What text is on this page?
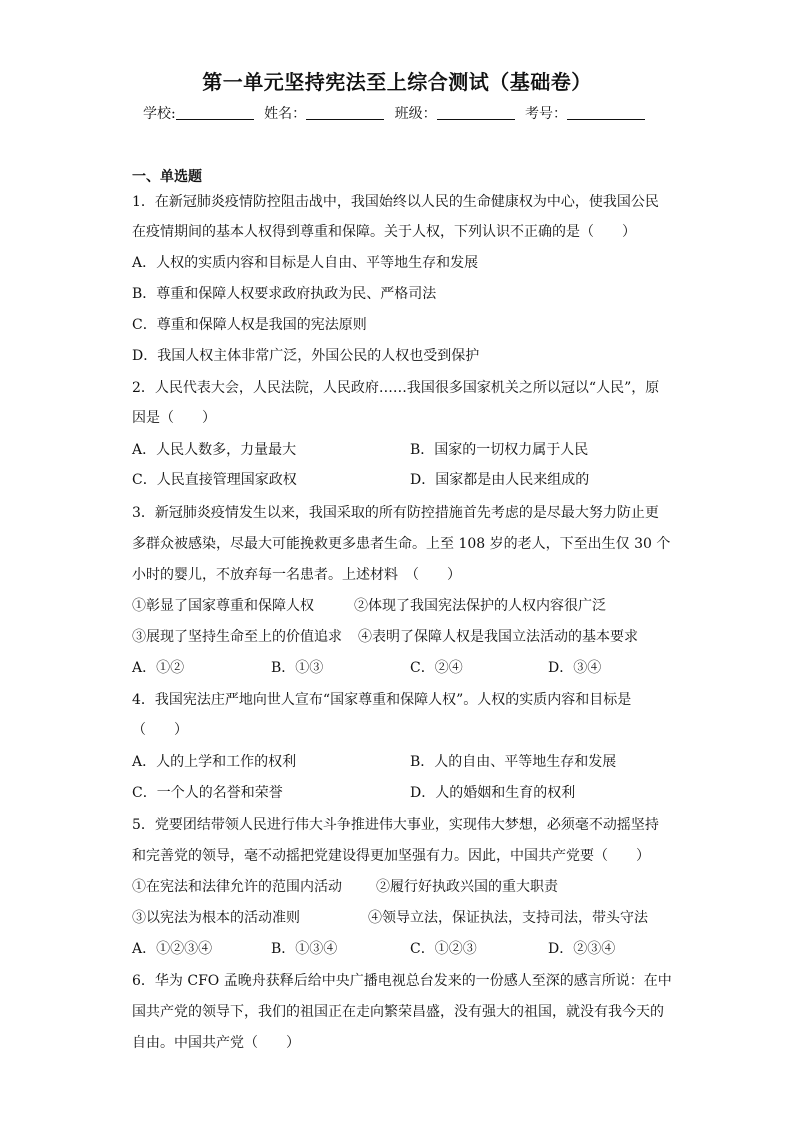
第一单元坚持宪法至上综合测试（基础卷）
学校:	姓名：	班级：	考号：
一、单选题
1．在新冠肺炎疫情防控阻击战中，我国始终以人民的生命健康权为中心，使我国公民
在疫情期间的基本人权得到尊重和保障。关于人权，下列认识不正确的是（　　）
A．人权的实质内容和目标是人自由、平等地生存和发展
B．尊重和保障人权要求政府执政为民、严格司法
C．尊重和保障人权是我国的宪法原则
D．我国人权主体非常广泛，外国公民的人权也受到保护
2．人民代表大会，人民法院，人民政府……我国很多国家机关之所以冠以“人民”，原
因是（　　）
A．人民人数多，力量最大	B．国家的一切权力属于人民
C．人民直接管理国家政权	D．国家都是由人民来组成的
3．新冠肺炎疫情发生以来，我国采取的所有防控措施首先考虑的是尽最大努力防止更
多群众被感染，尽最大可能挽救更多患者生命。上至 108 岁的老人，下至出生仅 30 个
小时的婴儿，不放弃每一名患者。上述材料　（　　）
①彰显了国家尊重和保障人权	②体现了我国宪法保护的人权内容很广泛
③展现了坚持生命至上的价值追求 ④表明了保障人权是我国立法活动的基本要求
A．①②	B．①③	C．②④	D．③④
4．我国宪法庄严地向世人宣布“国家尊重和保障人权”。人权的实质内容和目标是
（　　）
A．人的上学和工作的权利	B．人的自由、平等地生存和发展
C．一个人的名誉和荣誉	D．人的婚姻和生育的权利
5．党要团结带领人民进行伟大斗争推进伟大事业，实现伟大梦想，必须毫不动摇坚持
和完善党的领导，毫不动摇把党建设得更加坚强有力。因此，中国共产党要（　　）
①在宪法和法律允许的范围内活动 ②履行好执政兴国的重大职责
③以宪法为根本的活动准则	④领导立法，保证执法，支持司法，带头守法
A．①②③④	B．①③④	C．①②③	D．②③④
6．华为 CFO 孟晚舟获释后给中央广播电视总台发来的一份感人至深的感言所说：在中
国共产党的领导下，我们的祖国正在走向繁荣昌盛，没有强大的祖国，就没有我今天的
自由。中国共产党（　　）
